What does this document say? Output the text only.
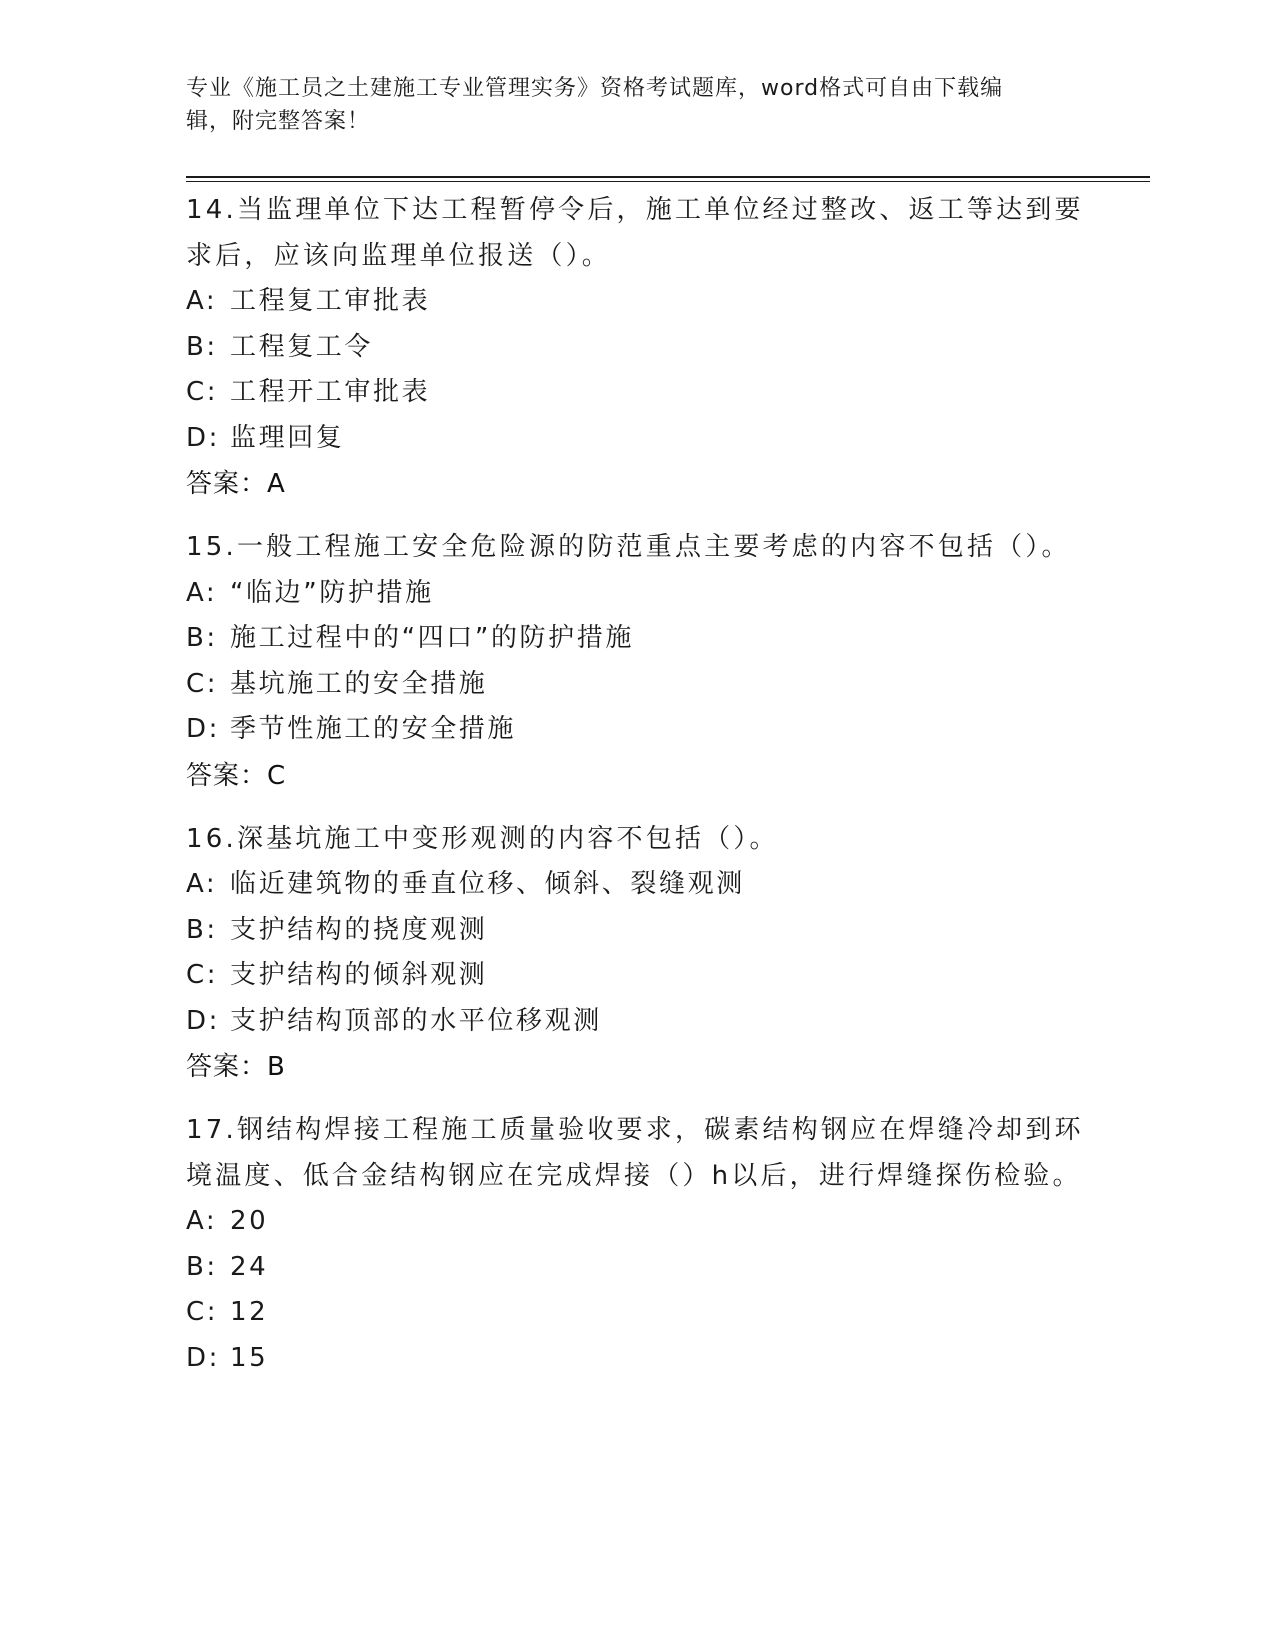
专业《施工员之土建施工专业管理实务》资格考试题库，word格式可自由下载编
辑，附完整答案！
14.当监理单位下达工程暂停令后，施工单位经过整改、返工等达到要
求后，应该向监理单位报送（）。
A: 工程复工审批表
B: 工程复工令
C: 工程开工审批表
D: 监理回复
答案：A
15.一般工程施工安全危险源的防范重点主要考虑的内容不包括（）。
A: “临边”防护措施
B: 施工过程中的“四口”的防护措施
C: 基坑施工的安全措施
D: 季节性施工的安全措施
答案：C
16.深基坑施工中变形观测的内容不包括（）。
A: 临近建筑物的垂直位移、倾斜、裂缝观测
B: 支护结构的挠度观测
C: 支护结构的倾斜观测
D: 支护结构顶部的水平位移观测
答案：B
17.钢结构焊接工程施工质量验收要求，碳素结构钢应在焊缝冷却到环
境温度、低合金结构钢应在完成焊接（）h以后，进行焊缝探伤检验。
A: 20
B: 24
C: 12
D: 15
